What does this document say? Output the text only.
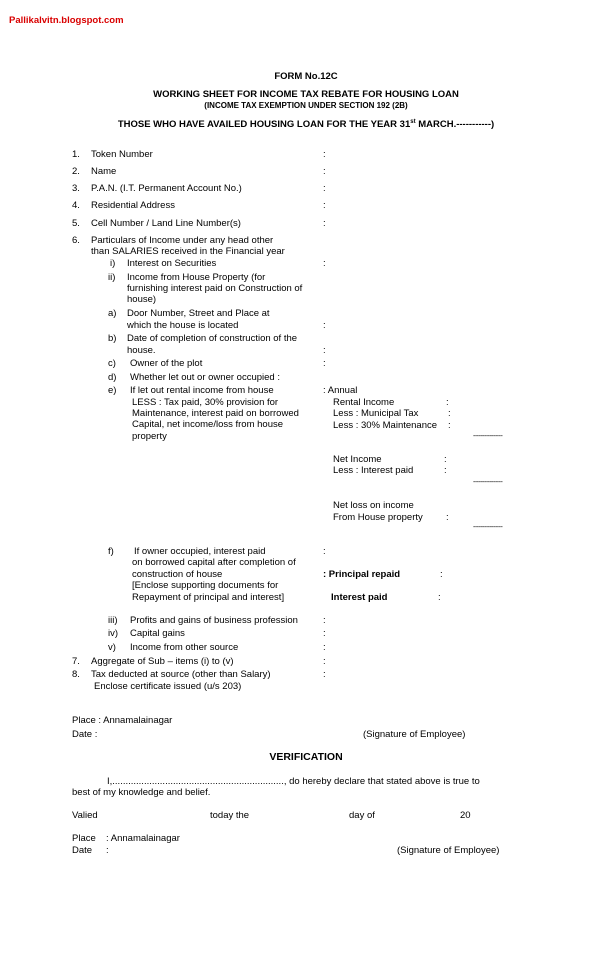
Pallikalvitn.blogspot.com
FORM No.12C
WORKING SHEET FOR INCOME TAX REBATE FOR HOUSING LOAN
(INCOME TAX EXEMPTION UNDER SECTION 192 (2B)
THOSE WHO HAVE AVAILED HOUSING LOAN FOR THE YEAR 31st MARCH.-----------)
1. Token Number	:
2. Name	:
3. P.A.N. (I.T. Permanent Account No.)	:
4. Residential Address	:
5. Cell Number / Land Line Number(s)	:
6. Particulars of Income under any head other
than SALARIES received in the Financial year
i) Interest on Securities	:
ii) Income from House Property (for
furnishing interest paid on Construction of
house)
a) Door Number, Street and Place at
which the house is located	:
b) Date of completion of construction of the
house.	:
c) Owner of the plot	:
d) Whether let out or owner occupied :
e) If let out rental income from house
LESS : Tax paid, 30% provision for
Maintenance, interest paid on borrowed
Capital, net income/loss from house
property
: Annual
Rental Income	:
Less : Municipal Tax	:
Less : 30% Maintenance :
----------------
Net Income	:
Less : Interest paid	:
----------------
Net loss on income
From House property :
----------------
f) If owner occupied, interest paid
on borrowed capital after completion of
construction of house
[Enclose supporting documents for
Repayment of principal and interest]
:
: Principal repaid	:
Interest paid	:
iii) Profits and gains of business profession	:
iv) Capital gains	:
v) Income from other source	:
7. Aggregate of Sub – items (i) to (v)	:
8. Tax deducted at source (other than Salary)
Enclose certificate issued (u/s 203)
:
Place : Annamalainagar
Date :	(Signature of Employee)
VERIFICATION
I,................................................................., do hereby declare that stated above is true to
best of my knowledge and belief.
Valied	today the	day of	20
Place : Annamalainagar
Date :	(Signature of Employee)
